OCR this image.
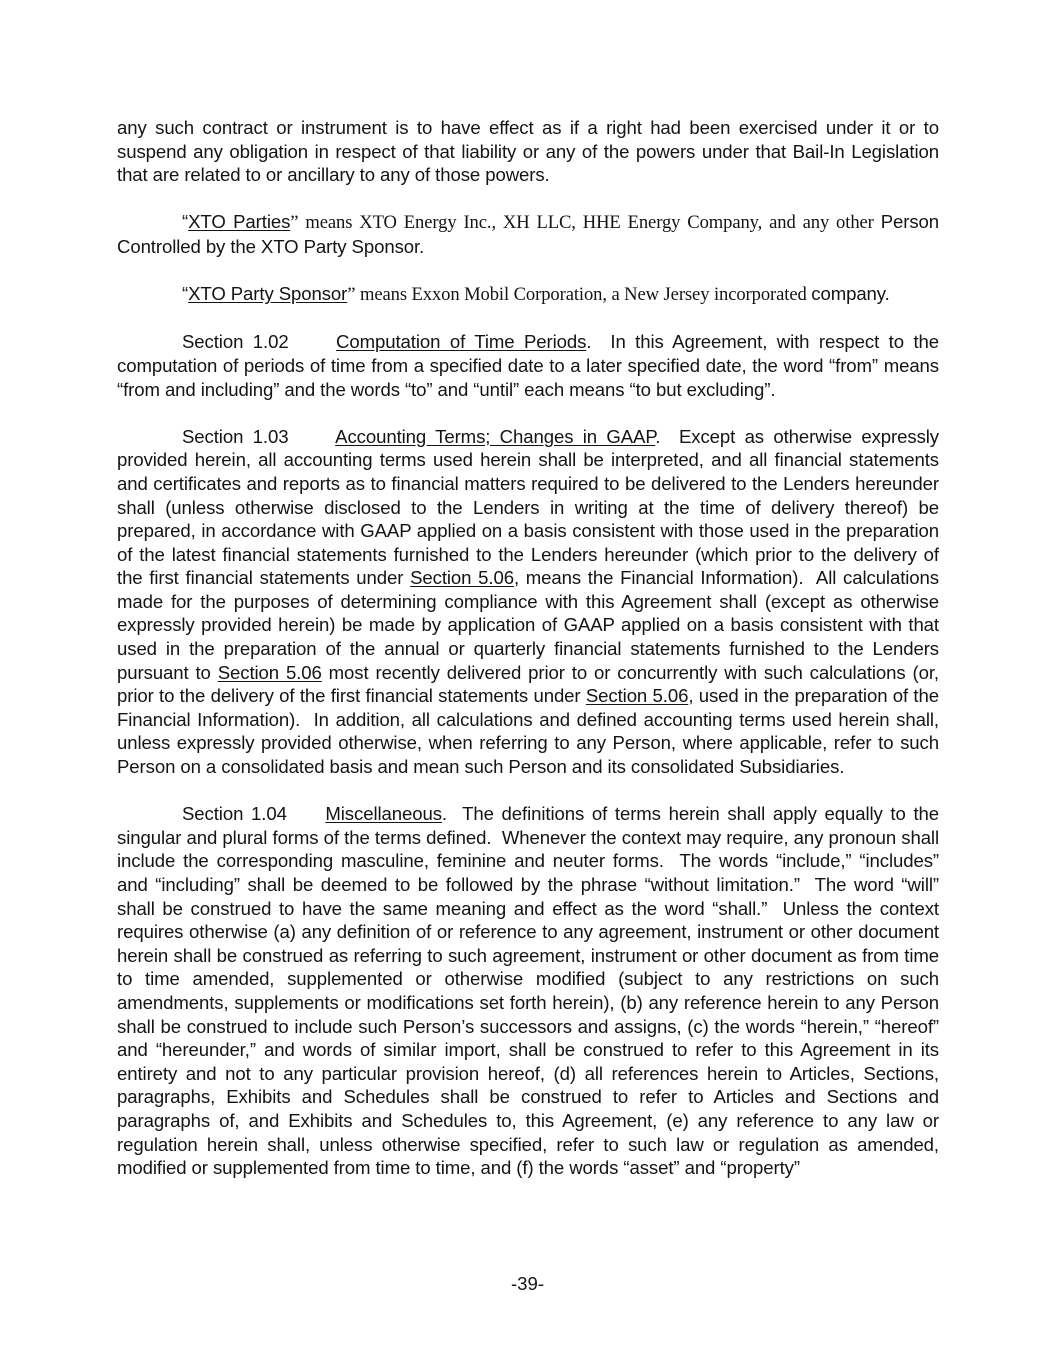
any such contract or instrument is to have effect as if a right had been exercised under it or to suspend any obligation in respect of that liability or any of the powers under that Bail-In Legislation that are related to or ancillary to any of those powers.

“XTO Parties” means XTO Energy Inc., XH LLC, HHE Energy Company, and any other Person Controlled by the XTO Party Sponsor.

“XTO Party Sponsor” means Exxon Mobil Corporation, a New Jersey incorporated company.

Section 1.02     Computation of Time Periods.  In this Agreement, with respect to the computation of periods of time from a specified date to a later specified date, the word “from” means “from and including” and the words “to” and “until” each means “to but excluding”.

Section 1.03     Accounting Terms; Changes in GAAP.  Except as otherwise expressly provided herein, all accounting terms used herein shall be interpreted, and all financial statements and certificates and reports as to financial matters required to be delivered to the Lenders hereunder shall (unless otherwise disclosed to the Lenders in writing at the time of delivery thereof) be prepared, in accordance with GAAP applied on a basis consistent with those used in the preparation of the latest financial statements furnished to the Lenders hereunder (which prior to the delivery of the first financial statements under Section 5.06, means the Financial Information).  All calculations made for the purposes of determining compliance with this Agreement shall (except as otherwise expressly provided herein) be made by application of GAAP applied on a basis consistent with that used in the preparation of the annual or quarterly financial statements furnished to the Lenders pursuant to Section 5.06 most recently delivered prior to or concurrently with such calculations (or, prior to the delivery of the first financial statements under Section 5.06, used in the preparation of the Financial Information).  In addition, all calculations and defined accounting terms used herein shall, unless expressly provided otherwise, when referring to any Person, where applicable, refer to such Person on a consolidated basis and mean such Person and its consolidated Subsidiaries.

Section 1.04     Miscellaneous.  The definitions of terms herein shall apply equally to the singular and plural forms of the terms defined.  Whenever the context may require, any pronoun shall include the corresponding masculine, feminine and neuter forms.  The words “include,” “includes” and “including” shall be deemed to be followed by the phrase “without limitation.”  The word “will” shall be construed to have the same meaning and effect as the word “shall.”  Unless the context requires otherwise (a) any definition of or reference to any agreement, instrument or other document herein shall be construed as referring to such agreement, instrument or other document as from time to time amended, supplemented or otherwise modified (subject to any restrictions on such amendments, supplements or modifications set forth herein), (b) any reference herein to any Person shall be construed to include such Person’s successors and assigns, (c) the words “herein,” “hereof” and “hereunder,” and words of similar import, shall be construed to refer to this Agreement in its entirety and not to any particular provision hereof, (d) all references herein to Articles, Sections, paragraphs, Exhibits and Schedules shall be construed to refer to Articles and Sections and paragraphs of, and Exhibits and Schedules to, this Agreement, (e) any reference to any law or regulation herein shall, unless otherwise specified, refer to such law or regulation as amended, modified or supplemented from time to time, and (f) the words “asset” and “property”

-39-
